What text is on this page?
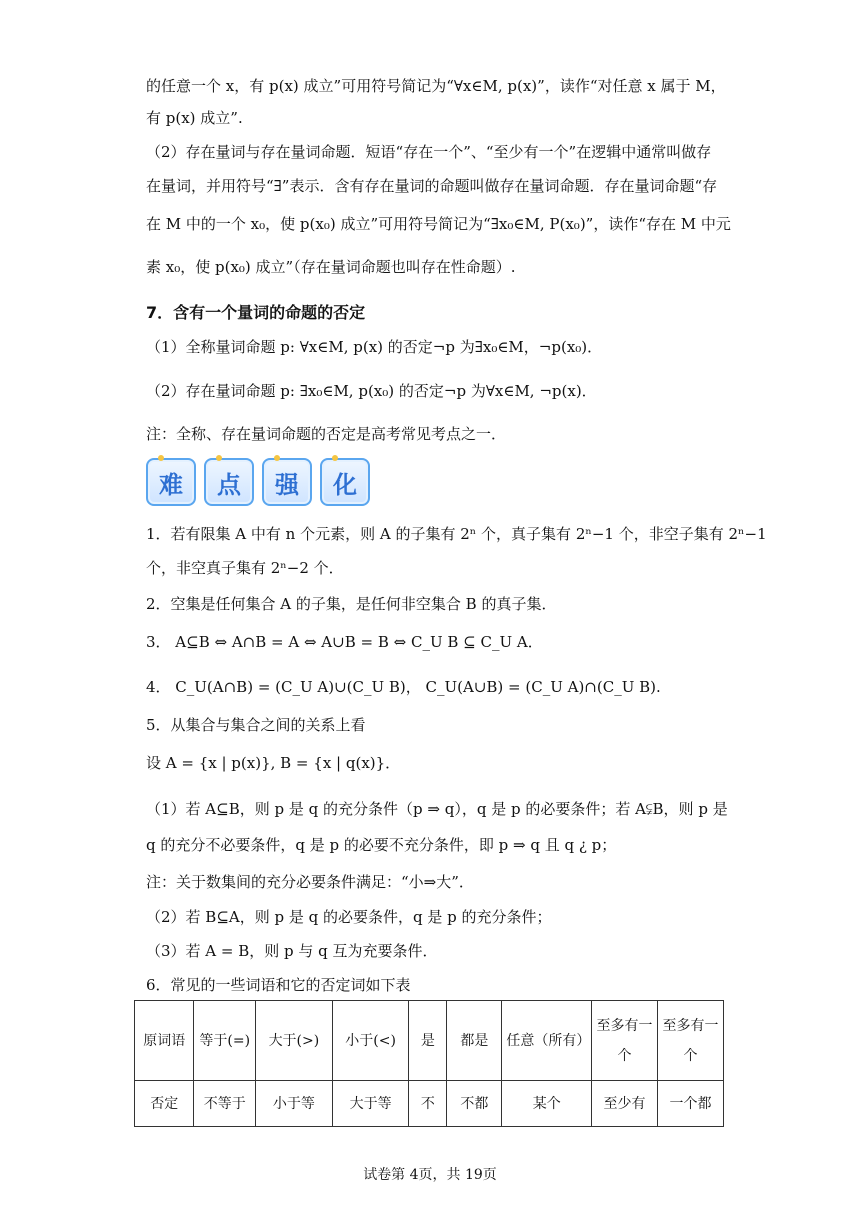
的任意一个 x，有 p(x) 成立”可用符号简记为“∀x∈M, p(x)”，读作“对任意 x 属于 M，
有 p(x) 成立”.
（2）存在量词与存在量词命题．短语“存在一个”、“至少有一个”在逻辑中通常叫做存
在量词，并用符号“∃”表示．含有存在量词的命题叫做存在量词命题．存在量词命题“存
在 M 中的一个 x₀，使 p(x₀) 成立”可用符号简记为“∃x₀∈M, P(x₀)”，读作“存在 M 中元
素 x₀，使 p(x₀) 成立”（存在量词命题也叫存在性命题）.
7．含有一个量词的命题的否定
（1）全称量词命题 p: ∀x∈M, p(x) 的否定¬p 为∃x₀∈M，¬p(x₀)．
（2）存在量词命题 p: ∃x₀∈M, p(x₀) 的否定¬p 为∀x∈M, ¬p(x)．
注：全称、存在量词命题的否定是高考常见考点之一．
难	点	强	化
1．若有限集 A 中有 n 个元素，则 A 的子集有 2ⁿ 个，真子集有 2ⁿ−1 个，非空子集有 2ⁿ−1
个，非空真子集有 2ⁿ−2 个．
2．空集是任何集合 A 的子集，是任何非空集合 B 的真子集．
3． A⊆B ⇔ A∩B = A ⇔ A∪B = B ⇔ C_U B ⊆ C_U A．
4． C_U(A∩B) = (C_U A)∪(C_U B)， C_U(A∪B) = (C_U A)∩(C_U B).
5．从集合与集合之间的关系上看
设 A = {x | p(x)}, B = {x | q(x)}．
（1）若 A⊆B，则 p 是 q 的充分条件（p ⇒ q），q 是 p 的必要条件；若 A⫋B，则 p 是
q 的充分不必要条件，q 是 p 的必要不充分条件，即 p ⇒ q 且 q ¿ p；
注：关于数集间的充分必要条件满足：“小⇒大”．
（2）若 B⊆A，则 p 是 q 的必要条件，q 是 p 的充分条件；
（3）若 A = B，则 p 与 q 互为充要条件．
6．常见的一些词语和它的否定词如下表
原词语	等于(=)	大于(>)	小于(<)	是	都是	任意（所有）	至多有一个	至多有一个
否定	不等于	小于等	大于等	不	不都	某个	至少有	一个都
试卷第 4页，共 19页
